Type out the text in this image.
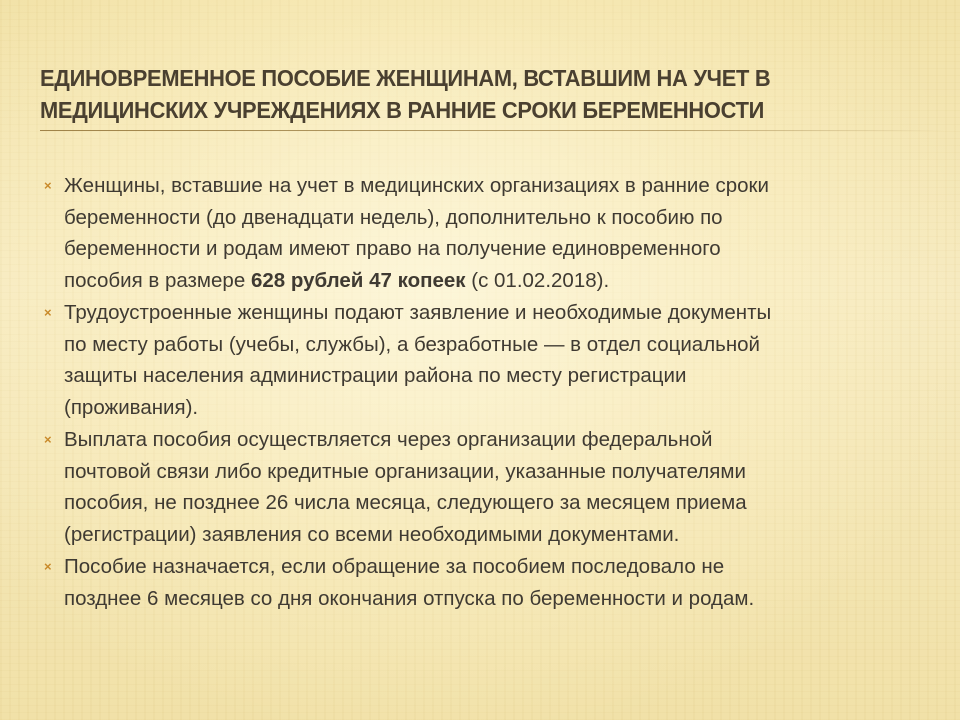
ЕДИНОВРЕМЕННОЕ ПОСОБИЕ ЖЕНЩИНАМ, ВСТАВШИМ НА УЧЕТ В
МЕДИЦИНСКИХ УЧРЕЖДЕНИЯХ В РАННИЕ СРОКИ БЕРЕМЕННОСТИ
× Женщины, вставшие на учет в медицинских организациях в ранние сроки
беременности (до двенадцати недель), дополнительно к пособию по
беременности и родам имеют право на получение единовременного
пособия в размере 628 рублей 47 копеек (с 01.02.2018).
× Трудоустроенные женщины подают заявление и необходимые документы
по месту работы (учебы, службы), а безработные — в отдел социальной
защиты населения администрации района по месту регистрации
(проживания).
× Выплата пособия осуществляется через организации федеральной
почтовой связи либо кредитные организации, указанные получателями
пособия, не позднее 26 числа месяца, следующего за месяцем приема
(регистрации) заявления со всеми необходимыми документами.
× Пособие назначается, если обращение за пособием последовало не
позднее 6 месяцев со дня окончания отпуска по беременности и родам.
